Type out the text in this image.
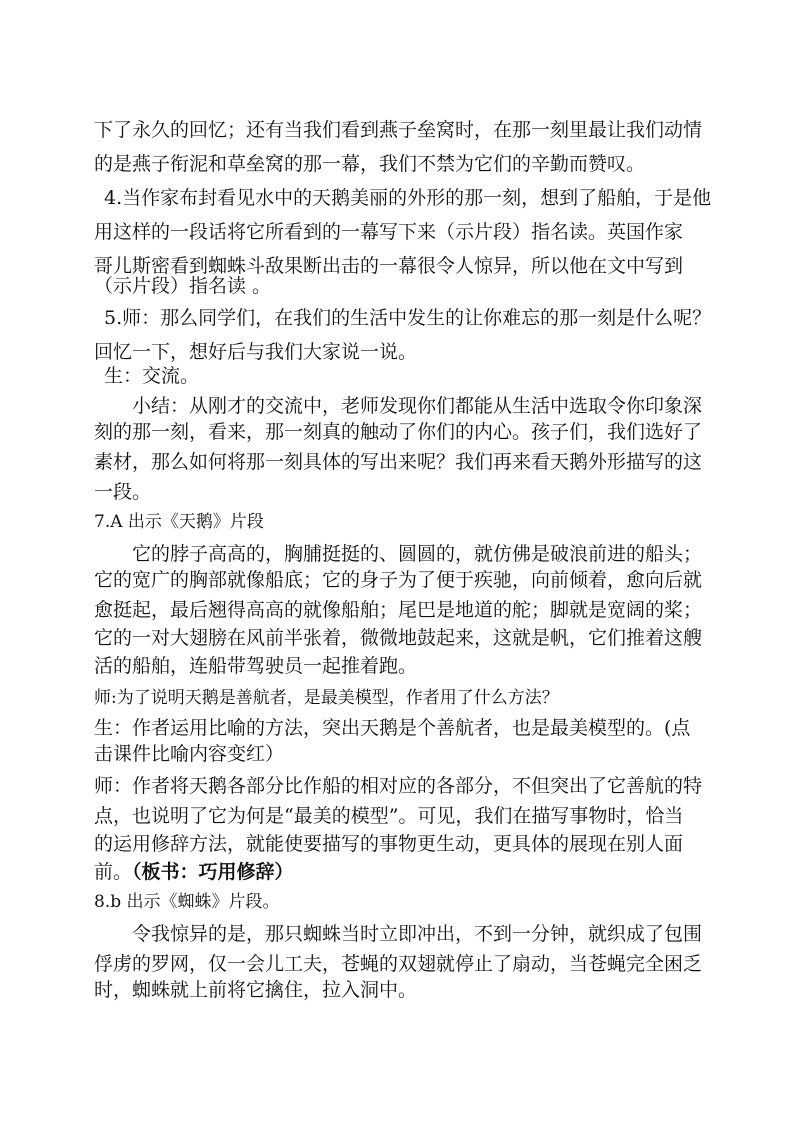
下了永久的回忆；还有当我们看到燕子垒窝时，在那一刻里最让我们动情
的是燕子衔泥和草垒窝的那一幕，我们不禁为它们的辛勤而赞叹。
4.当作家布封看见水中的天鹅美丽的外形的那一刻，想到了船舶，于是他
用这样的一段话将它所看到的一幕写下来（示片段）指名读。英国作家
哥儿斯密看到蜘蛛斗敌果断出击的一幕很令人惊异，所以他在文中写到
（示片段）指名读 。
5.师：那么同学们，在我们的生活中发生的让你难忘的那一刻是什么呢？
回忆一下，想好后与我们大家说一说。
生：交流。
小结：从刚才的交流中，老师发现你们都能从生活中选取令你印象深
刻的那一刻，看来，那一刻真的触动了你们的内心。孩子们，我们选好了
素材，那么如何将那一刻具体的写出来呢？我们再来看天鹅外形描写的这
一段。
7.A 出示《天鹅》片段
它的脖子高高的，胸脯挺挺的、圆圆的，就仿佛是破浪前进的船头；
它的宽广的胸部就像船底；它的身子为了便于疾驰，向前倾着，愈向后就
愈挺起，最后翘得高高的就像船舶；尾巴是地道的舵；脚就是宽阔的桨；
它的一对大翅膀在风前半张着，微微地鼓起来，这就是帆，它们推着这艘
活的船舶，连船带驾驶员一起推着跑。
师:为了说明天鹅是善航者，是最美模型，作者用了什么方法？
生：作者运用比喻的方法，突出天鹅是个善航者，也是最美模型的。(点
击课件比喻内容变红）
师：作者将天鹅各部分比作船的相对应的各部分，不但突出了它善航的特
点，也说明了它为何是“最美的模型”。可见，我们在描写事物时，恰当
的运用修辞方法，就能使要描写的事物更生动，更具体的展现在别人面
前。（板书：巧用修辞）
8.b 出示《蜘蛛》片段。
令我惊异的是，那只蜘蛛当时立即冲出，不到一分钟，就织成了包围
俘虏的罗网，仅一会儿工夫，苍蝇的双翅就停止了扇动，当苍蝇完全困乏
时，蜘蛛就上前将它擒住，拉入洞中。
